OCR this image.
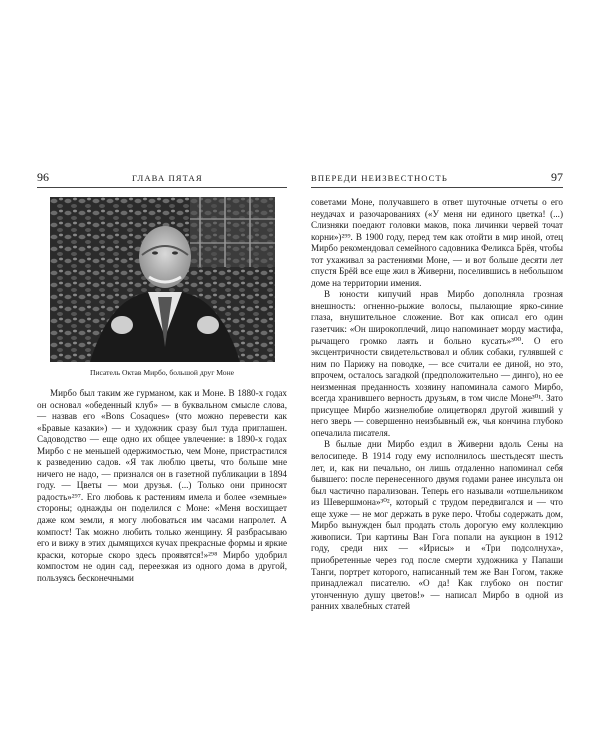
96	ГЛАВА ПЯТАЯ
Писатель Октав Мирбо, большой друг Моне

Мирбо был таким же гурманом, как и Моне. В 1880-х годах он основал «обеденный клуб» — в буквальном смысле слова, — назвав его «Bons Cosaques» (что можно перевести как «Бравые казаки») — и художник сразу был туда приглашен. Садоводство — еще одно их общее увлечение: в 1890-х годах Мирбо с не меньшей одержимостью, чем Моне, пристрастился к разведению садов. «Я так люблю цветы, что больше мне ничего не надо, — признался он в газетной публикации в 1894 году. — Цветы — мои друзья. (...) Только они приносят радость»²⁹⁷. Его любовь к растениям имела и более «земные» стороны; однажды он поделился с Моне: «Меня восхищает даже ком земли, я могу любоваться им часами напролет. А компост! Так можно любить только женщину. Я разбрасываю его и вижу в этих дымящихся кучах прекрасные формы и яркие краски, которые скоро здесь проявятся!»²⁹⁸ Мирбо удобрил компостом не один сад, переезжая из одного дома в другой, пользуясь бесконечными

ВПЕРЕДИ НЕИЗВЕСТНОСТЬ	97

советами Моне, получавшего в ответ шуточные отчеты о его неудачах и разочарованиях («У меня ни единого цветка! (...) Слизняки поедают головки маков, пока личинки червей точат корни»)²⁹⁹. В 1900 году, перед тем как отойти в мир иной, отец Мирбо рекомендовал семейного садовника Феликса Брёя, чтобы тот ухаживал за растениями Моне, — и вот больше десяти лет спустя Брёй все еще жил в Живерни, поселившись в небольшом доме на территории имения.

В юности кипучий нрав Мирбо дополняла грозная внешность: огненно-рыжие волосы, пылающие ярко-синие глаза, внушительное сложение. Вот как описал его один газетчик: «Он широкоплечий, лицо напоминает морду мастифа, рычащего громко лаять и больно кусать»³⁰⁰. О его эксцентричности свидетельствовал и облик собаки, гулявшей с ним по Парижу на поводке, — все считали ее диной, но это, впрочем, осталось загадкой (предположительно — динго), но ее неизменная преданность хозяину напоминала самого Мирбо, всегда хранившего верность друзьям, в том числе Моне³⁰¹. Зато присущее Мирбо жизнелюбие олицетворял другой живший у него зверь — совершенно неизбывный еж, чья кончина глубоко опечалила писателя.

В былые дни Мирбо ездил в Живерни вдоль Сены на велосипеде. В 1914 году ему исполнилось шестьдесят шесть лет, и, как ни печально, он лишь отдаленно напоминал себя бывшего: после перенесенного двумя годами ранее инсульта он был частично парализован. Теперь его называли «отшельником из Шевершмона»³⁰², который с трудом передвигался и — что еще хуже — не мог держать в руке перо. Чтобы содержать дом, Мирбо вынужден был продать столь дорогую ему коллекцию живописи. Три картины Ван Гога попали на аукцион в 1912 году, среди них — «Ирисы» и «Три подсолнуха», приобретенные через год после смерти художника у Папаши Танги, портрет которого, написанный тем же Ван Гогом, также принадлежал писателю. «О да! Как глубоко он постиг утонченную душу цветов!» — написал Мирбо в одной из ранних хвалебных статей
